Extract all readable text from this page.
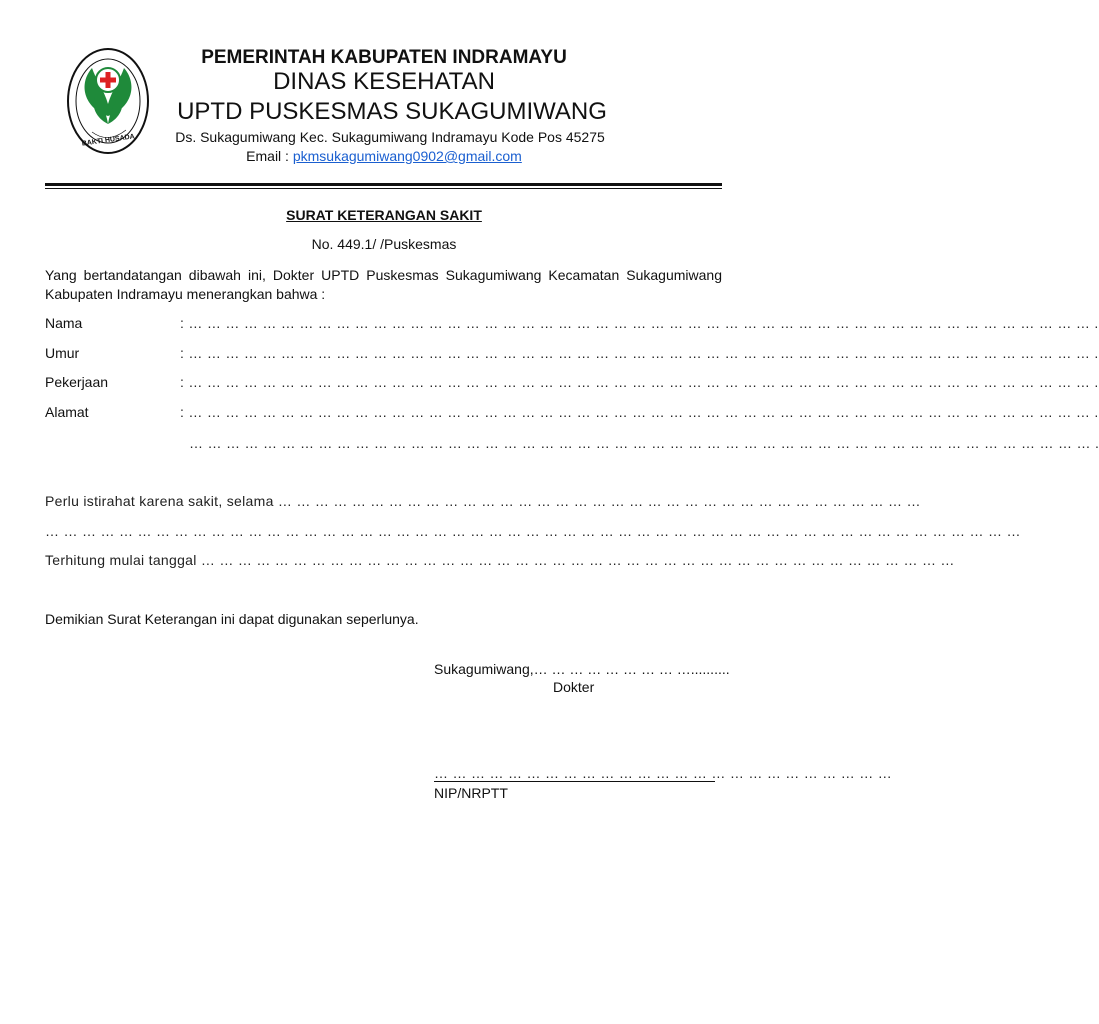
BAKTI HUSADA
PEMERINTAH KABUPATEN INDRAMAYU
DINAS KESEHATAN
UPTD PUSKESMAS SUKAGUMIWANG
Ds. Sukagumiwang Kec. Sukagumiwang Indramayu Kode Pos 45275
Email : pkmsukagumiwang0902@gmail.com
SURAT KETERANGAN SAKIT
No. 449.1/ /Puskesmas
Yang bertandatangan dibawah ini, Dokter UPTD Puskesmas Sukagumiwang Kecamatan Sukagumiwang Kabupaten Indramayu menerangkan bahwa :
Nama	: … … … … … … … … … … … … … … … … … … … … … … … … … … … … … … … … … … … … … … … … … … … … … … … … … .
Umur	: … … … … … … … … … … … … … … … … … … … … … … … … … … … … … … … … … … … … … … … … … … … … … … … … … .
Pekerjaan	: … … … … … … … … … … … … … … … … … … … … … … … … … … … … … … … … … … … … … … … … … … … … … … … … … .
Alamat	: … … … … … … … … … … … … … … … … … … … … … … … … … … … … … … … … … … … … … … … … … … … … … … … … … .
… … … … … … … … … … … … … … … … … … … … … … … … … … … … … … … … … … … … … … … … … … … … … … … … … .
Perlu istirahat karena sakit, selama … … … … … … … … … … … … … … … … … … … … … … … … … … … … … … … … … … …
… … … … … … … … … … … … … … … … … … … … … … … … … … … … … … … … … … … … … … … … … … … … … … … … … … … … …
Terhitung mulai tanggal … … … … … … … … … … … … … … … … … … … … … … … … … … … … … … … … … … … … … … … … …
Demikian Surat Keterangan ini dapat digunakan seperlunya.
Sukagumiwang,… … … … … … … … …..........
Dokter
… … … … … … … … … … … … … … … … … … … … … … … … …
NIP/NRPTT
